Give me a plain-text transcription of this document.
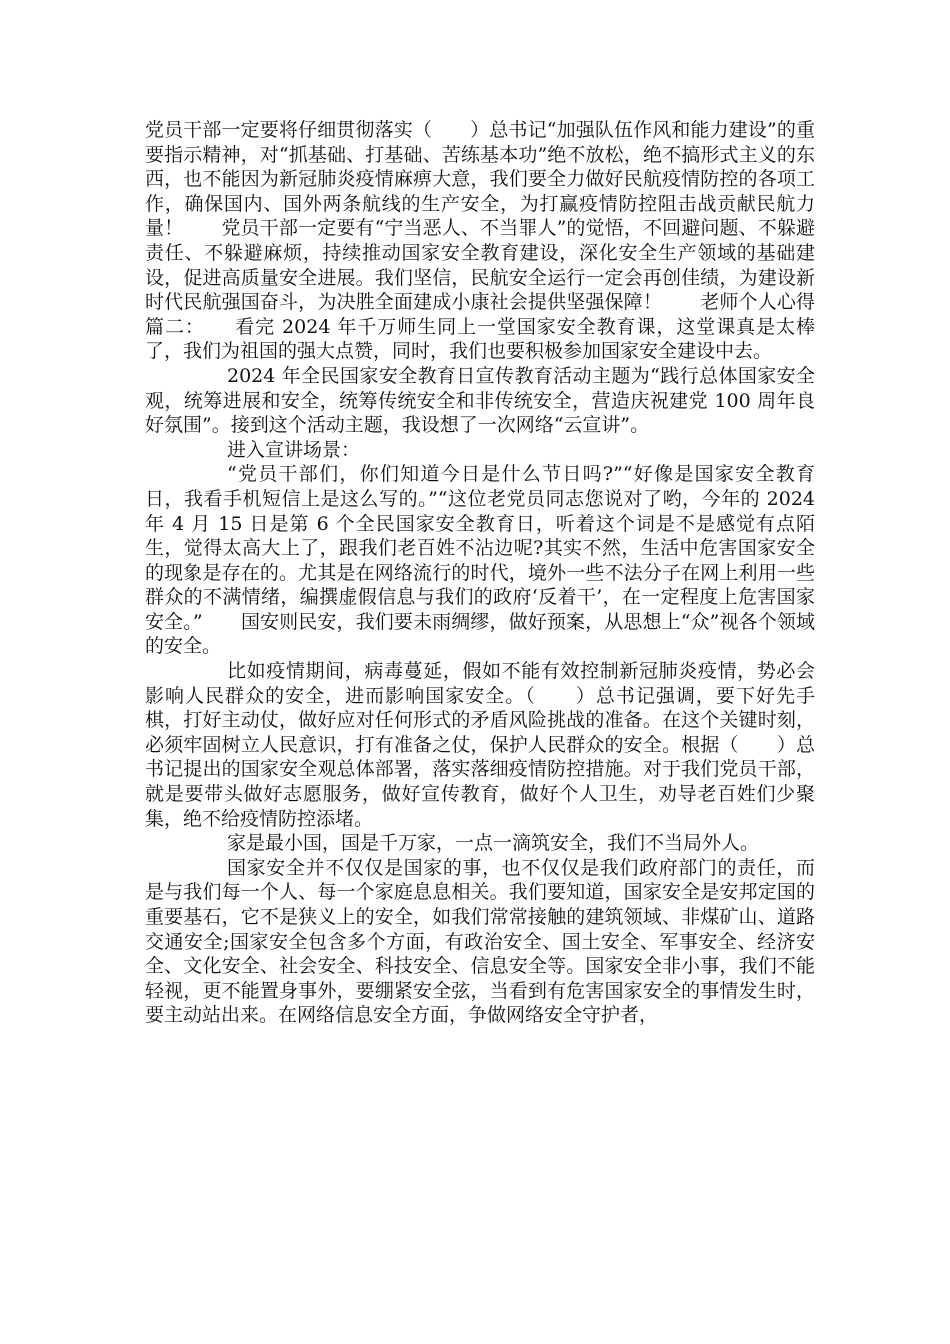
党员干部一定要将仔细贯彻落实（　　）总书记“加强队伍作风和能力建设”的重要指示精神，对“抓基础、打基础、苦练基本功”绝不放松，绝不搞形式主义的东西，也不能因为新冠肺炎疫情麻痹大意，我们要全力做好民航疫情防控的各项工作，确保国内、国外两条航线的生产安全，为打赢疫情防控阻击战贡献民航力量！　　党员干部一定要有“宁当恶人、不当罪人”的觉悟，不回避问题、不躲避责任、不躲避麻烦，持续推动国家安全教育建设，深化安全生产领域的基础建设，促进高质量安全进展。我们坚信，民航安全运行一定会再创佳绩，为建设新时代民航强国奋斗，为决胜全面建成小康社会提供坚强保障！　　老师个人心得篇二：　　看完 2024 年千万师生同上一堂国家安全教育课，这堂课真是太棒了，我们为祖国的强大点赞，同时，我们也要积极参加国家安全建设中去。

2024 年全民国家安全教育日宣传教育活动主题为“践行总体国家安全观，统筹进展和安全，统筹传统安全和非传统安全，营造庆祝建党 100 周年良好氛围”。接到这个活动主题，我设想了一次网络“云宣讲”。

进入宣讲场景：

“党员干部们，你们知道今日是什么节日吗?”“好像是国家安全教育日，我看手机短信上是这么写的。”“这位老党员同志您说对了哟，今年的 2024 年 4 月 15 日是第 6 个全民国家安全教育日，听着这个词是不是感觉有点陌生，觉得太高大上了，跟我们老百姓不沾边呢?其实不然，生活中危害国家安全的现象是存在的。尤其是在网络流行的时代，境外一些不法分子在网上利用一些群众的不满情绪，编撰虚假信息与我们的政府‘反着干’，在一定程度上危害国家安全。”　　国安则民安，我们要未雨绸缪，做好预案，从思想上“众”视各个领域的安全。

比如疫情期间，病毒蔓延，假如不能有效控制新冠肺炎疫情，势必会影响人民群众的安全，进而影响国家安全。（　　）总书记强调，要下好先手棋，打好主动仗，做好应对任何形式的矛盾风险挑战的准备。在这个关键时刻，必须牢固树立人民意识，打有准备之仗，保护人民群众的安全。根据（　　）总书记提出的国家安全观总体部署，落实落细疫情防控措施。对于我们党员干部，就是要带头做好志愿服务，做好宣传教育，做好个人卫生，劝导老百姓们少聚集，绝不给疫情防控添堵。

家是最小国，国是千万家，一点一滴筑安全，我们不当局外人。

国家安全并不仅仅是国家的事，也不仅仅是我们政府部门的责任，而是与我们每一个人、每一个家庭息息相关。我们要知道，国家安全是安邦定国的重要基石，它不是狭义上的安全，如我们常常接触的建筑领域、非煤矿山、道路交通安全;国家安全包含多个方面，有政治安全、国土安全、军事安全、经济安全、文化安全、社会安全、科技安全、信息安全等。国家安全非小事，我们不能轻视，更不能置身事外，要绷紧安全弦，当看到有危害国家安全的事情发生时，要主动站出来。在网络信息安全方面，争做网络安全守护者，
